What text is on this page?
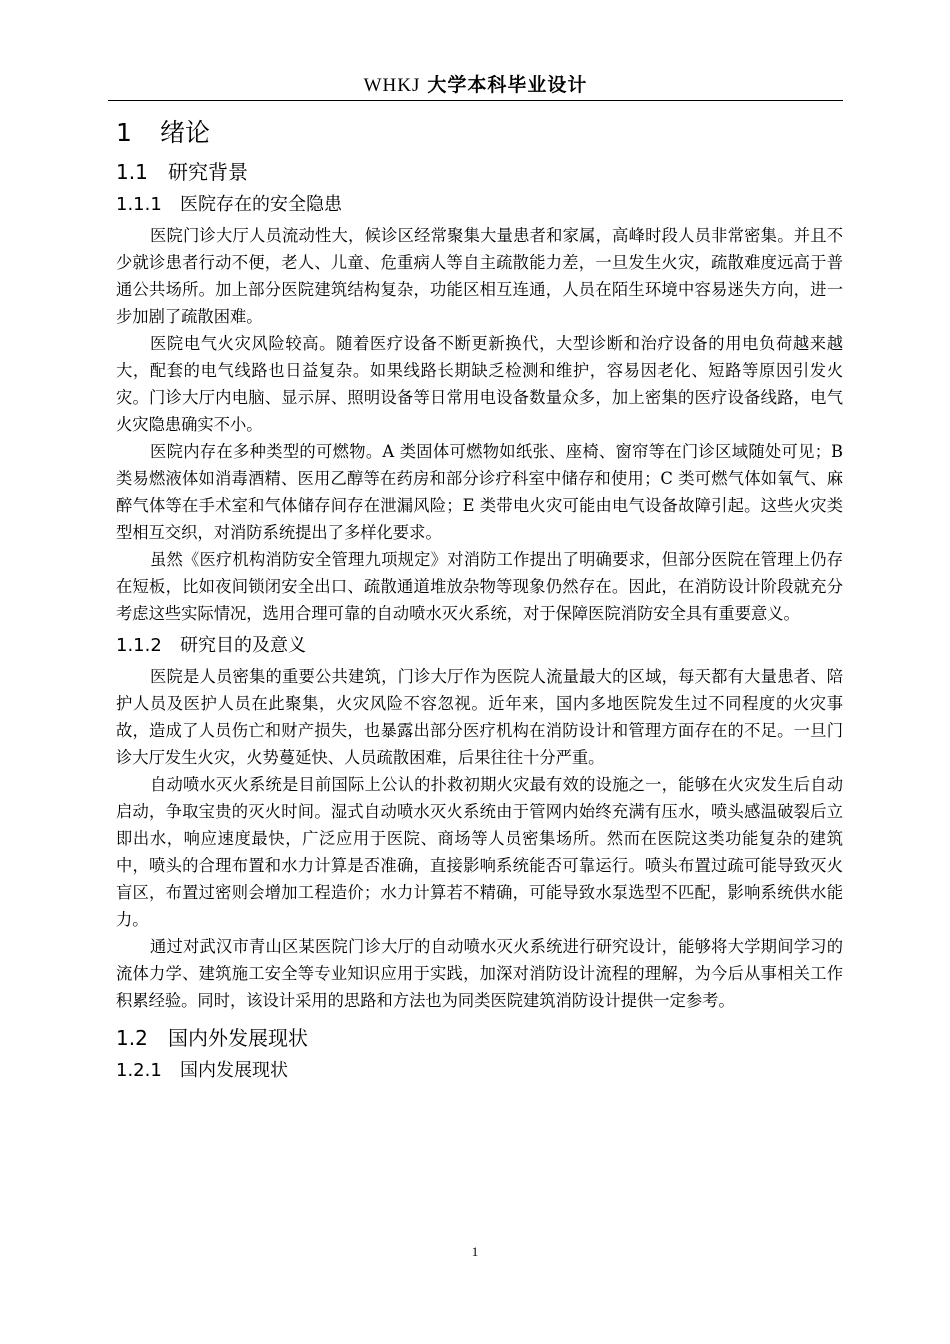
WHKJ 大学本科毕业设计
1 绪论
1.1 研究背景
1.1.1 医院存在的安全隐患

医院门诊大厅人员流动性大，候诊区经常聚集大量患者和家属，高峰时段人员非常密集。并且不少就诊患者行动不便，老人、儿童、危重病人等自主疏散能力差，一旦发生火灾，疏散难度远高于普通公共场所。加上部分医院建筑结构复杂，功能区相互连通，人员在陌生环境中容易迷失方向，进一步加剧了疏散困难。

医院电气火灾风险较高。随着医疗设备不断更新换代，大型诊断和治疗设备的用电负荷越来越大，配套的电气线路也日益复杂。如果线路长期缺乏检测和维护，容易因老化、短路等原因引发火灾。门诊大厅内电脑、显示屏、照明设备等日常用电设备数量众多，加上密集的医疗设备线路，电气火灾隐患确实不小。

医院内存在多种类型的可燃物。A 类固体可燃物如纸张、座椅、窗帘等在门诊区域随处可见；B 类易燃液体如消毒酒精、医用乙醇等在药房和部分诊疗科室中储存和使用；C 类可燃气体如氧气、麻醉气体等在手术室和气体储存间存在泄漏风险；E 类带电火灾可能由电气设备故障引起。这些火灾类型相互交织，对消防系统提出了多样化要求。

虽然《医疗机构消防安全管理九项规定》对消防工作提出了明确要求，但部分医院在管理上仍存在短板，比如夜间锁闭安全出口、疏散通道堆放杂物等现象仍然存在。因此，在消防设计阶段就充分考虑这些实际情况，选用合理可靠的自动喷水灭火系统，对于保障医院消防安全具有重要意义。

1.1.2 研究目的及意义

医院是人员密集的重要公共建筑，门诊大厅作为医院人流量最大的区域，每天都有大量患者、陪护人员及医护人员在此聚集，火灾风险不容忽视。近年来，国内多地医院发生过不同程度的火灾事故，造成了人员伤亡和财产损失，也暴露出部分医疗机构在消防设计和管理方面存在的不足。一旦门诊大厅发生火灾，火势蔓延快、人员疏散困难，后果往往十分严重。

自动喷水灭火系统是目前国际上公认的扑救初期火灾最有效的设施之一，能够在火灾发生后自动启动，争取宝贵的灭火时间。湿式自动喷水灭火系统由于管网内始终充满有压水，喷头感温破裂后立即出水，响应速度最快，广泛应用于医院、商场等人员密集场所。然而在医院这类功能复杂的建筑中，喷头的合理布置和水力计算是否准确，直接影响系统能否可靠运行。喷头布置过疏可能导致灭火盲区，布置过密则会增加工程造价；水力计算若不精确，可能导致水泵选型不匹配，影响系统供水能力。

通过对武汉市青山区某医院门诊大厅的自动喷水灭火系统进行研究设计，能够将大学期间学习的流体力学、建筑施工安全等专业知识应用于实践，加深对消防设计流程的理解，为今后从事相关工作积累经验。同时，该设计采用的思路和方法也为同类医院建筑消防设计提供一定参考。

1.2 国内外发展现状
1.2.1 国内发展现状
1
